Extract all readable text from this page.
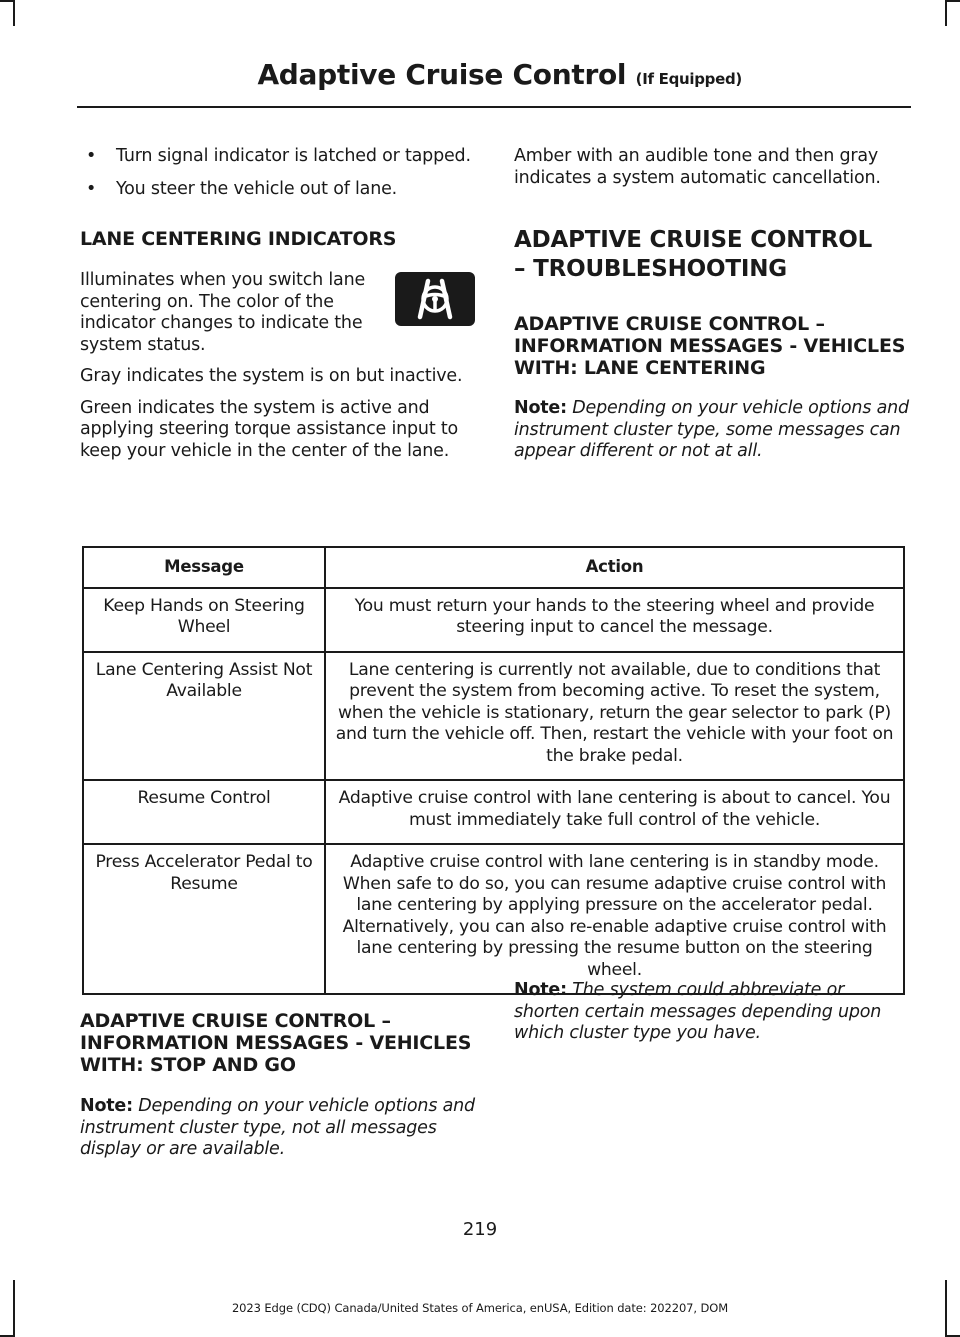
Adaptive Cruise Control (If Equipped)
• Turn signal indicator is latched or tapped.
• You steer the vehicle out of lane.
LANE CENTERING INDICATORS

Illuminates when you switch lane centering on. The color of the indicator changes to indicate the system status.

Gray indicates the system is on but inactive.

Green indicates the system is active and applying steering torque assistance input to keep your vehicle in the center of the lane.

Amber with an audible tone and then gray indicates a system automatic cancellation.

ADAPTIVE CRUISE CONTROL
– TROUBLESHOOTING
ADAPTIVE CRUISE CONTROL – INFORMATION MESSAGES - VEHICLES WITH: LANE CENTERING

Note: Depending on your vehicle options and instrument cluster type, some messages can appear different or not at all.

Message	Action
Keep Hands on Steering Wheel	You must return your hands to the steering wheel and provide steering input to cancel the message.
Lane Centering Assist Not Available	Lane centering is currently not available, due to conditions that prevent the system from becoming active. To reset the system, when the vehicle is stationary, return the gear selector to park (P) and turn the vehicle off. Then, restart the vehicle with your foot on the brake pedal.
Resume Control	Adaptive cruise control with lane centering is about to cancel. You must immediately take full control of the vehicle.
Press Accelerator Pedal to Resume	Adaptive cruise control with lane centering is in standby mode. When safe to do so, you can resume adaptive cruise control with lane centering by applying pressure on the accelerator pedal. Alternatively, you can also re-enable adaptive cruise control with lane centering by pressing the resume button on the steering wheel.
ADAPTIVE CRUISE CONTROL – INFORMATION MESSAGES - VEHICLES WITH: STOP AND GO

Note: Depending on your vehicle options and instrument cluster type, not all messages display or are available.

Note: The system could abbreviate or shorten certain messages depending upon which cluster type you have.

219
2023 Edge (CDQ) Canada/United States of America, enUSA, Edition date: 202207, DOM
